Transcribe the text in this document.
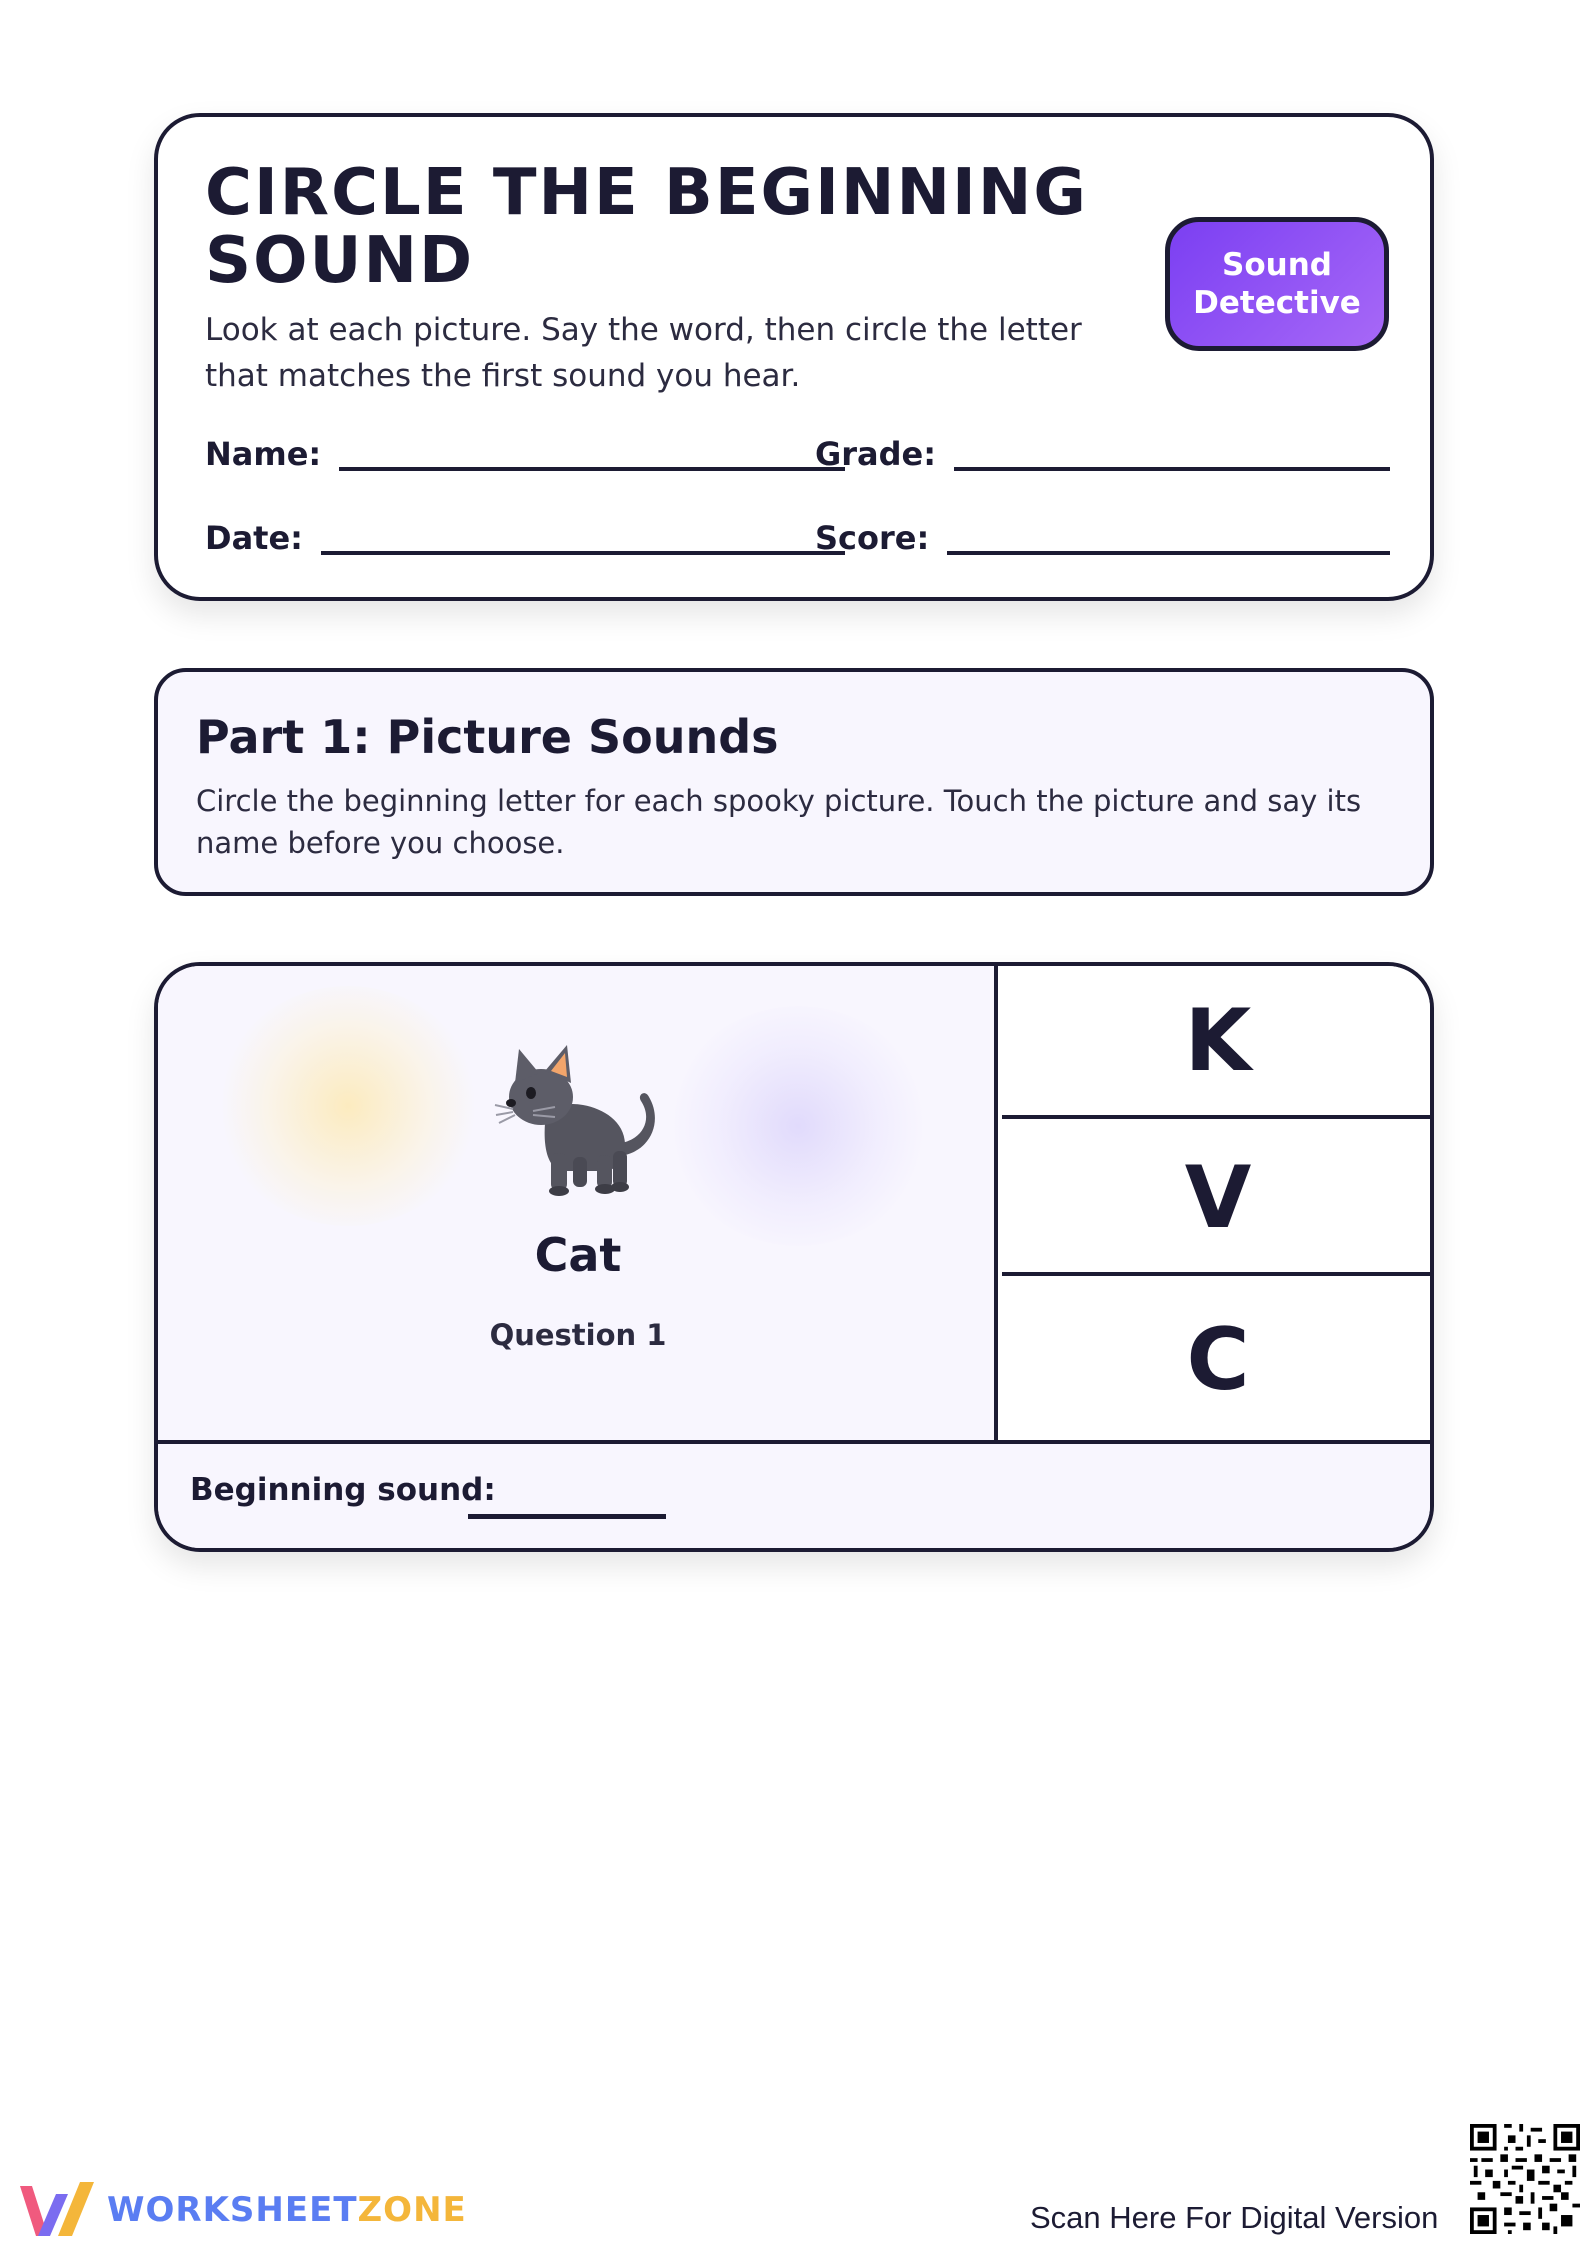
CIRCLE THE BEGINNING SOUND

Look at each picture. Say the word, then circle the letter that matches the first sound you hear.

Sound Detective
Name:	Grade:
Date:	Score:
Part 1: Picture Sounds

Circle the beginning letter for each spooky picture. Touch the picture and say its name before you choose.

Cat
Question 1
K
V
C
Beginning sound:
WORKSHEETZONE	Scan Here For Digital Version
